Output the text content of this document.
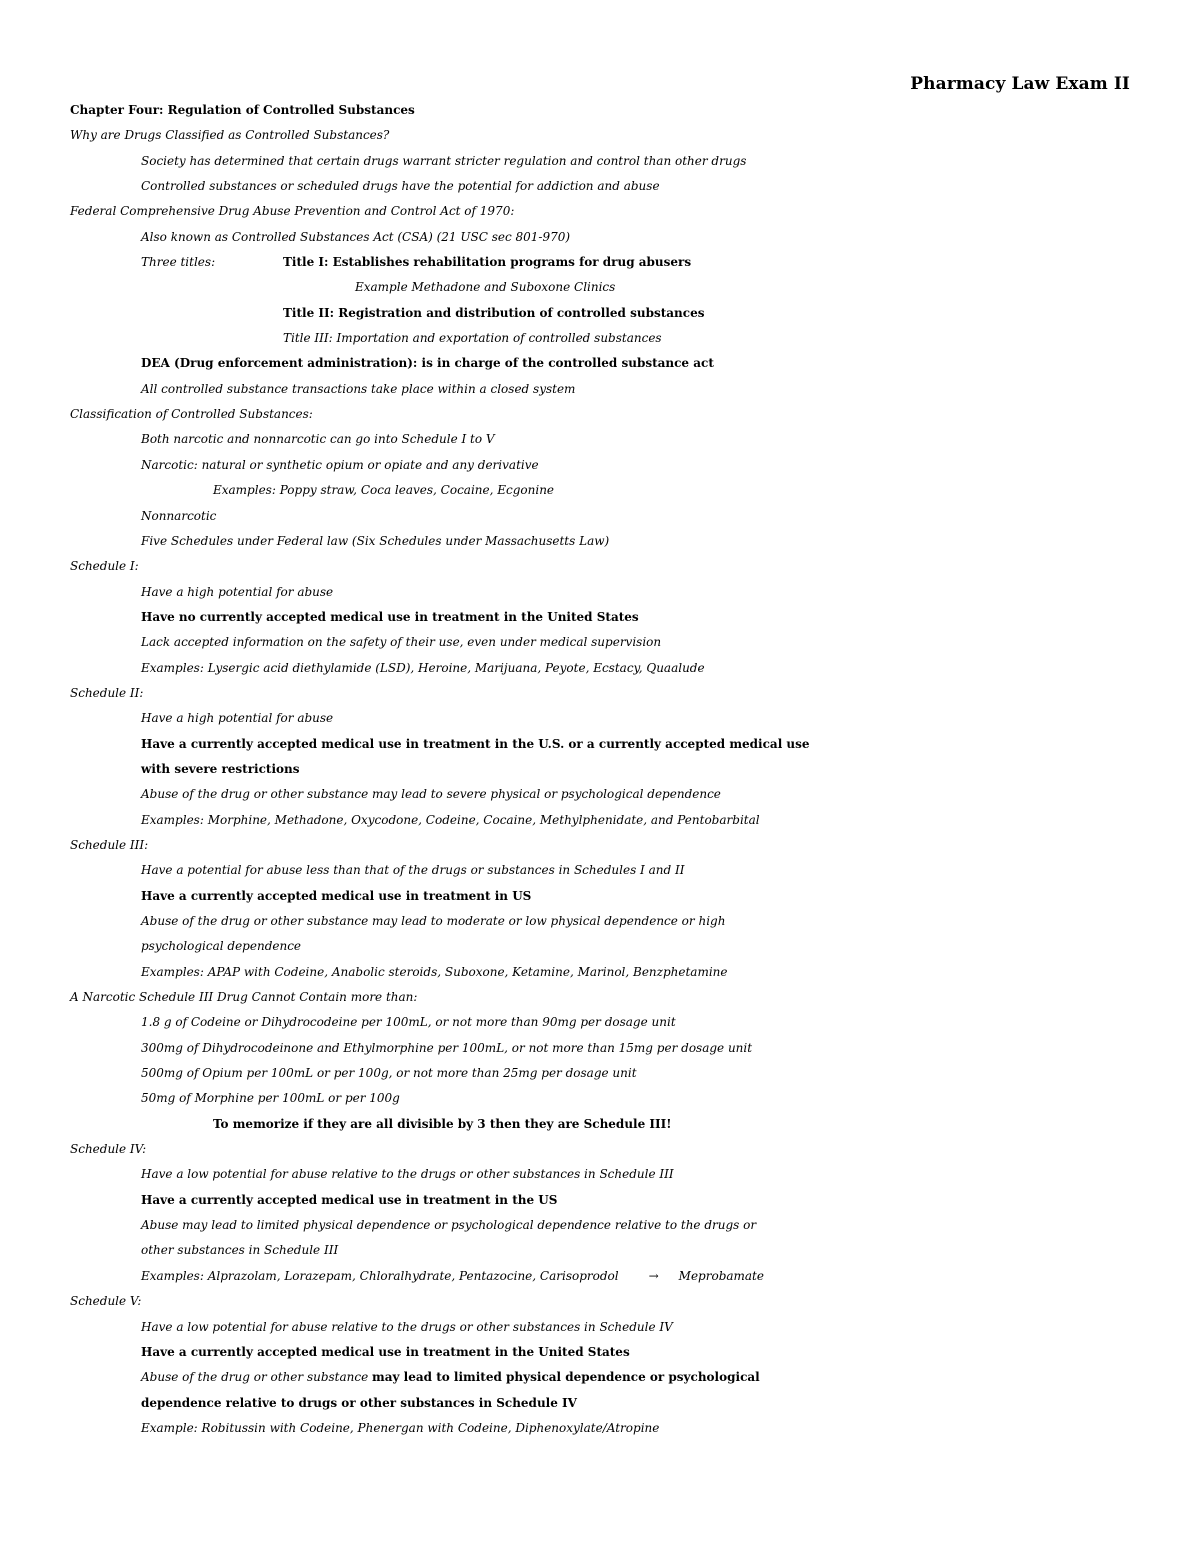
Pharmacy Law Exam II
Chapter Four: Regulation of Controlled Substances
Why are Drugs Classified as Controlled Substances?
Society has determined that certain drugs warrant stricter regulation and control than other drugs
Controlled substances or scheduled drugs have the potential for addiction and abuse
Federal Comprehensive Drug Abuse Prevention and Control Act of 1970:
Also known as Controlled Substances Act (CSA) (21 USC sec 801-970)
Three titles:	Title I: Establishes rehabilitation programs for drug abusers
Example Methadone and Suboxone Clinics
Title II: Registration and distribution of controlled substances
Title III: Importation and exportation of controlled substances
DEA (Drug enforcement administration): is in charge of the controlled substance act
All controlled substance transactions take place within a closed system
Classification of Controlled Substances:
Both narcotic and nonnarcotic can go into Schedule I to V
Narcotic: natural or synthetic opium or opiate and any derivative
Examples: Poppy straw, Coca leaves, Cocaine, Ecgonine
Nonnarcotic
Five Schedules under Federal law (Six Schedules under Massachusetts Law)
Schedule I:
Have a high potential for abuse
Have no currently accepted medical use in treatment in the United States
Lack accepted information on the safety of their use, even under medical supervision
Examples: Lysergic acid diethylamide (LSD), Heroine, Marijuana, Peyote, Ecstacy, Quaalude
Schedule II:
Have a high potential for abuse
Have a currently accepted medical use in treatment in the U.S. or a currently accepted medical use
with severe restrictions
Abuse of the drug or other substance may lead to severe physical or psychological dependence
Examples: Morphine, Methadone, Oxycodone, Codeine, Cocaine, Methylphenidate, and Pentobarbital
Schedule III:
Have a potential for abuse less than that of the drugs or substances in Schedules I and II
Have a currently accepted medical use in treatment in US
Abuse of the drug or other substance may lead to moderate or low physical dependence or high
psychological dependence
Examples: APAP with Codeine, Anabolic steroids, Suboxone, Ketamine, Marinol, Benzphetamine
A Narcotic Schedule III Drug Cannot Contain more than:
1.8 g of Codeine or Dihydrocodeine per 100mL, or not more than 90mg per dosage unit
300mg of Dihydrocodeinone and Ethylmorphine per 100mL, or not more than 15mg per dosage unit
500mg of Opium per 100mL or per 100g, or not more than 25mg per dosage unit
50mg of Morphine per 100mL or per 100g
To memorize if they are all divisible by 3 then they are Schedule III!
Schedule IV:
Have a low potential for abuse relative to the drugs or other substances in Schedule III
Have a currently accepted medical use in treatment in the US
Abuse may lead to limited physical dependence or psychological dependence relative to the drugs or
other substances in Schedule III
Examples: Alprazolam, Lorazepam, Chloralhydrate, Pentazocine, Carisoprodol	→ Meprobamate
Schedule V:
Have a low potential for abuse relative to the drugs or other substances in Schedule IV
Have a currently accepted medical use in treatment in the United States
Abuse of the drug or other substance may lead to limited physical dependence or psychological
dependence relative to drugs or other substances in Schedule IV
Example: Robitussin with Codeine, Phenergan with Codeine, Diphenoxylate/Atropine
